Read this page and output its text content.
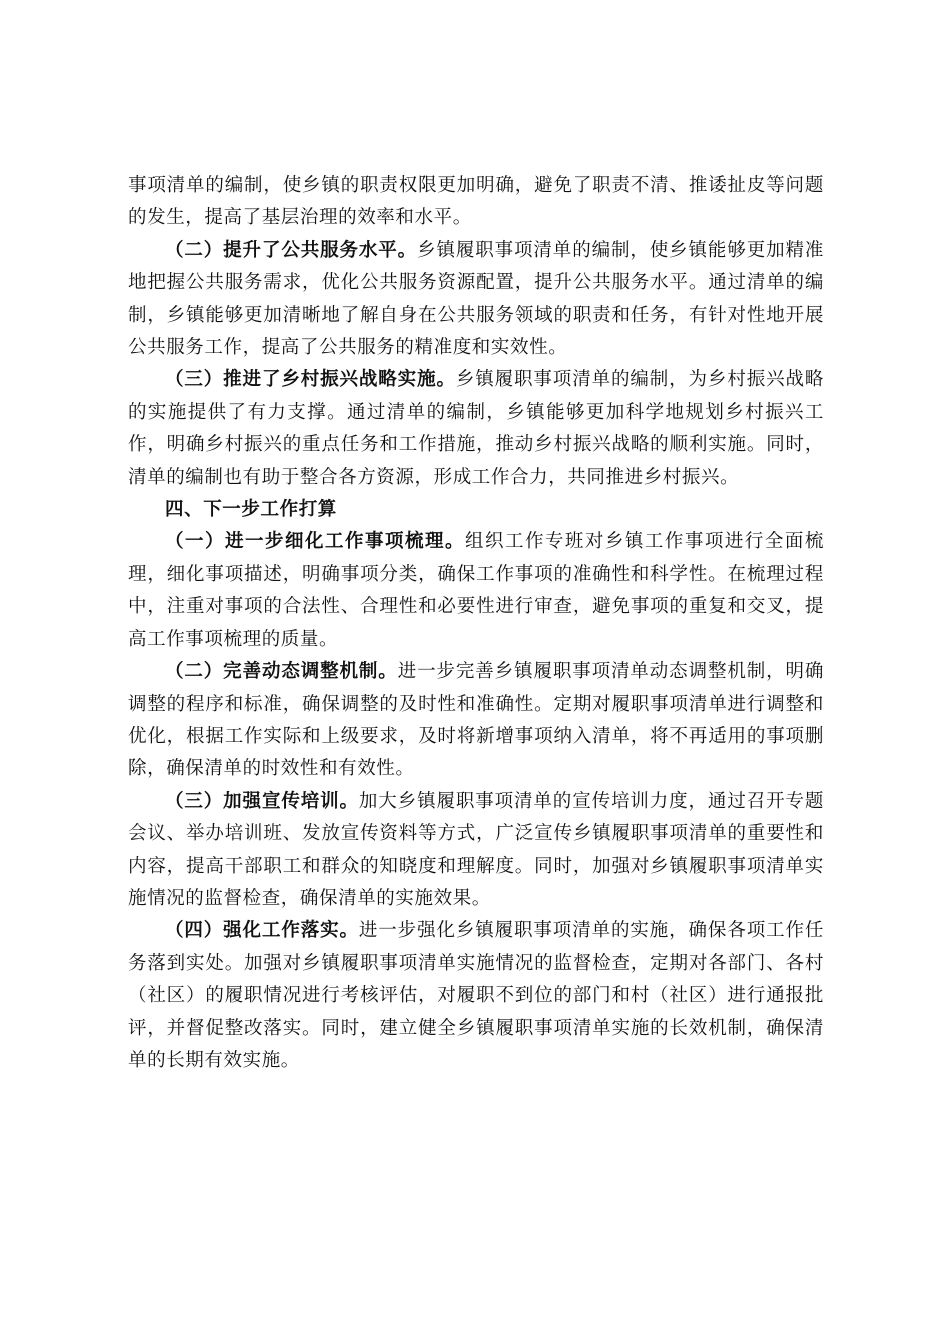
事项清单的编制，使乡镇的职责权限更加明确，避免了职责不清、推诿扯皮等问题的发生，提高了基层治理的效率和水平。

（二）提升了公共服务水平。乡镇履职事项清单的编制，使乡镇能够更加精准地把握公共服务需求，优化公共服务资源配置，提升公共服务水平。通过清单的编制，乡镇能够更加清晰地了解自身在公共服务领域的职责和任务，有针对性地开展公共服务工作，提高了公共服务的精准度和实效性。

（三）推进了乡村振兴战略实施。乡镇履职事项清单的编制，为乡村振兴战略的实施提供了有力支撑。通过清单的编制，乡镇能够更加科学地规划乡村振兴工作，明确乡村振兴的重点任务和工作措施，推动乡村振兴战略的顺利实施。同时，清单的编制也有助于整合各方资源，形成工作合力，共同推进乡村振兴。

四、下一步工作打算

（一）进一步细化工作事项梳理。组织工作专班对乡镇工作事项进行全面梳理，细化事项描述，明确事项分类，确保工作事项的准确性和科学性。在梳理过程中，注重对事项的合法性、合理性和必要性进行审查，避免事项的重复和交叉，提高工作事项梳理的质量。

（二）完善动态调整机制。进一步完善乡镇履职事项清单动态调整机制，明确调整的程序和标准，确保调整的及时性和准确性。定期对履职事项清单进行调整和优化，根据工作实际和上级要求，及时将新增事项纳入清单，将不再适用的事项删除，确保清单的时效性和有效性。

（三）加强宣传培训。加大乡镇履职事项清单的宣传培训力度，通过召开专题会议、举办培训班、发放宣传资料等方式，广泛宣传乡镇履职事项清单的重要性和内容，提高干部职工和群众的知晓度和理解度。同时，加强对乡镇履职事项清单实施情况的监督检查，确保清单的实施效果。

（四）强化工作落实。进一步强化乡镇履职事项清单的实施，确保各项工作任务落到实处。加强对乡镇履职事项清单实施情况的监督检查，定期对各部门、各村（社区）的履职情况进行考核评估，对履职不到位的部门和村（社区）进行通报批评，并督促整改落实。同时，建立健全乡镇履职事项清单实施的长效机制，确保清单的长期有效实施。
